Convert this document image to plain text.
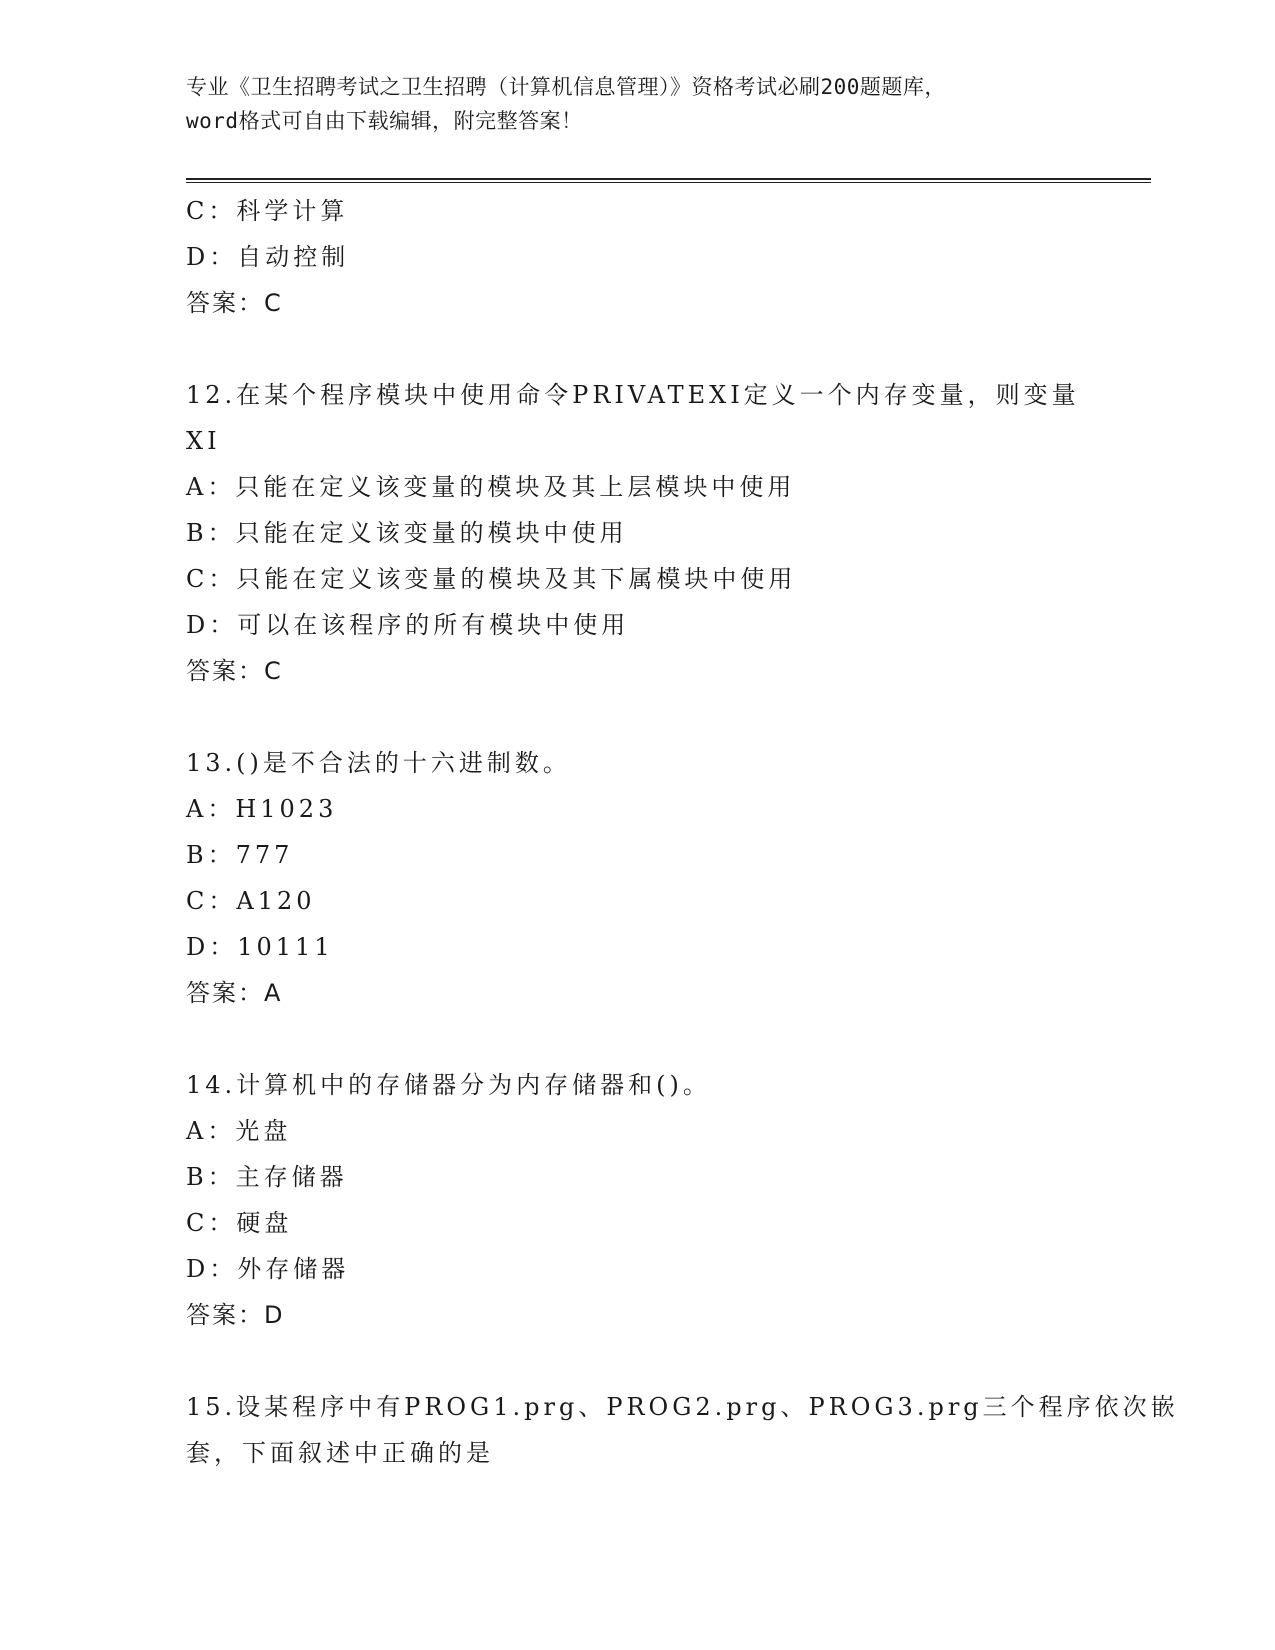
专业《卫生招聘考试之卫生招聘（计算机信息管理）》资格考试必刷200题题库，
word格式可自由下载编辑，附完整答案！
C：科学计算
D：自动控制
答案：C
12.在某个程序模块中使用命令PRIVATEXI定义一个内存变量，则变量
XI
A：只能在定义该变量的模块及其上层模块中使用
B：只能在定义该变量的模块中使用
C：只能在定义该变量的模块及其下属模块中使用
D：可以在该程序的所有模块中使用
答案：C
13.()是不合法的十六进制数。
A：H1023
B：777
C：A120
D：10111
答案：A
14.计算机中的存储器分为内存储器和()。
A：光盘
B：主存储器
C：硬盘
D：外存储器
答案：D
15.设某程序中有PROG1.prg、PROG2.prg、PROG3.prg三个程序依次嵌
套，下面叙述中正确的是
